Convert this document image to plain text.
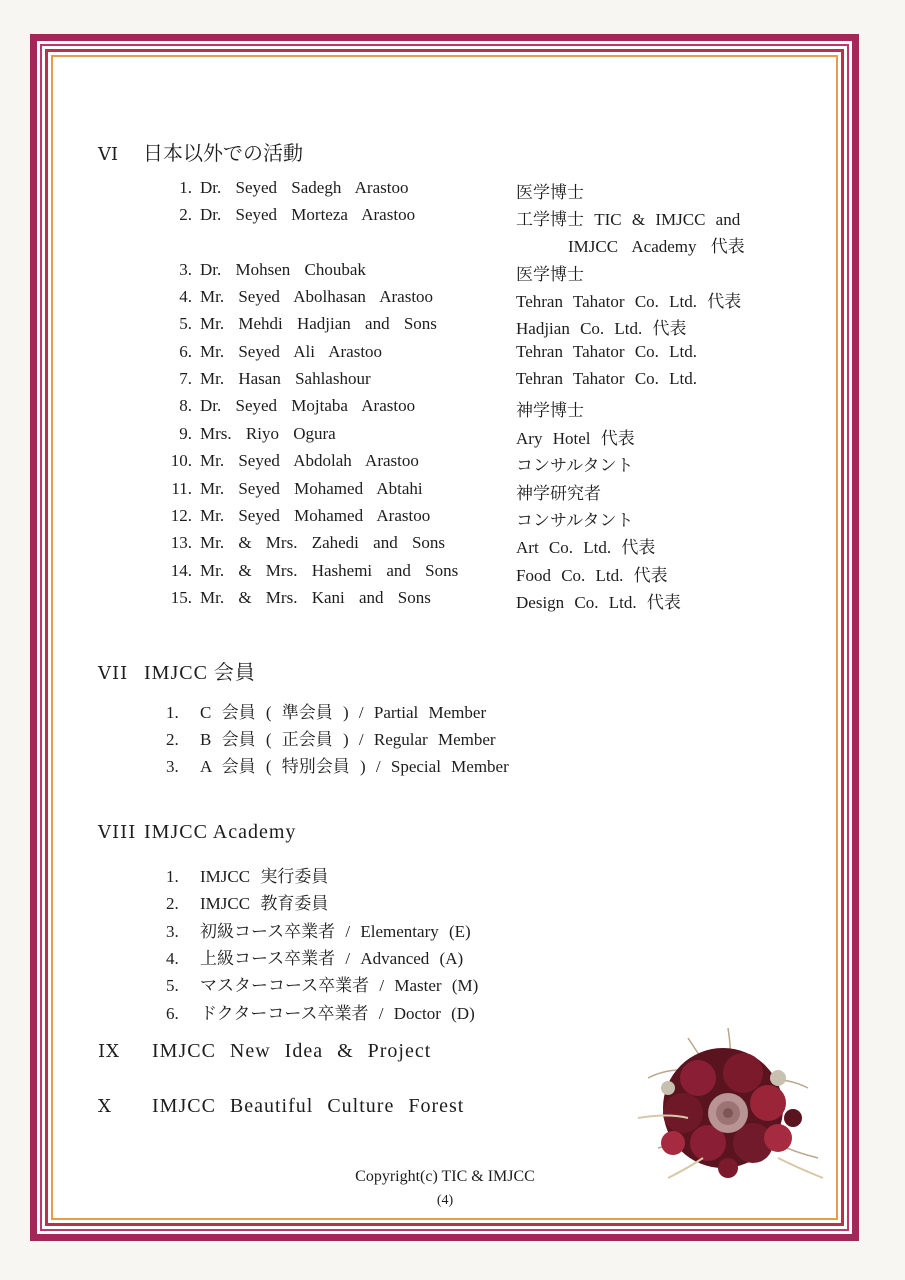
VI 日本以外での活動
1. Dr. Seyed Sadegh Arastoo	医学博士
2. Dr. Seyed Morteza Arastoo	工学博士 TIC & IMJCC and
IMJCC Academy 代表
3. Dr. Mohsen Choubak	医学博士
4. Mr. Seyed Abolhasan Arastoo	Tehran Tahator Co. Ltd. 代表
5. Mr. Mehdi Hadjian and Sons	Hadjian Co. Ltd. 代表
6. Mr. Seyed Ali Arastoo	Tehran Tahator Co. Ltd.
7. Mr. Hasan Sahlashour	Tehran Tahator Co. Ltd.
8. Dr. Seyed Mojtaba Arastoo	神学博士
9. Mrs. Riyo Ogura	Ary Hotel 代表
10. Mr. Seyed Abdolah Arastoo	コンサルタント
11. Mr. Seyed Mohamed Abtahi	神学研究者
12. Mr. Seyed Mohamed Arastoo	コンサルタント
13. Mr. & Mrs. Zahedi and Sons	Art Co. Ltd. 代表
14. Mr. & Mrs. Hashemi and Sons	Food Co. Ltd. 代表
15. Mr. & Mrs. Kani and Sons	Design Co. Ltd. 代表
VII IMJCC 会員
1. C 会員 ( 準会員 ) / Partial Member
2. B 会員 ( 正会員 ) / Regular Member
3. A 会員 ( 特別会員 ) / Special Member
VIII IMJCC Academy
1. IMJCC 実行委員
2. IMJCC 教育委員
3. 初級コース卒業者 / Elementary (E)
4. 上級コース卒業者 / Advanced (A)
5. マスターコース卒業者 / Master (M)
6. ドクターコース卒業者 / Doctor (D)
IX IMJCC New Idea & Project
X IMJCC Beautiful Culture Forest
Copyright(c) TIC & IMJCC
(4)
